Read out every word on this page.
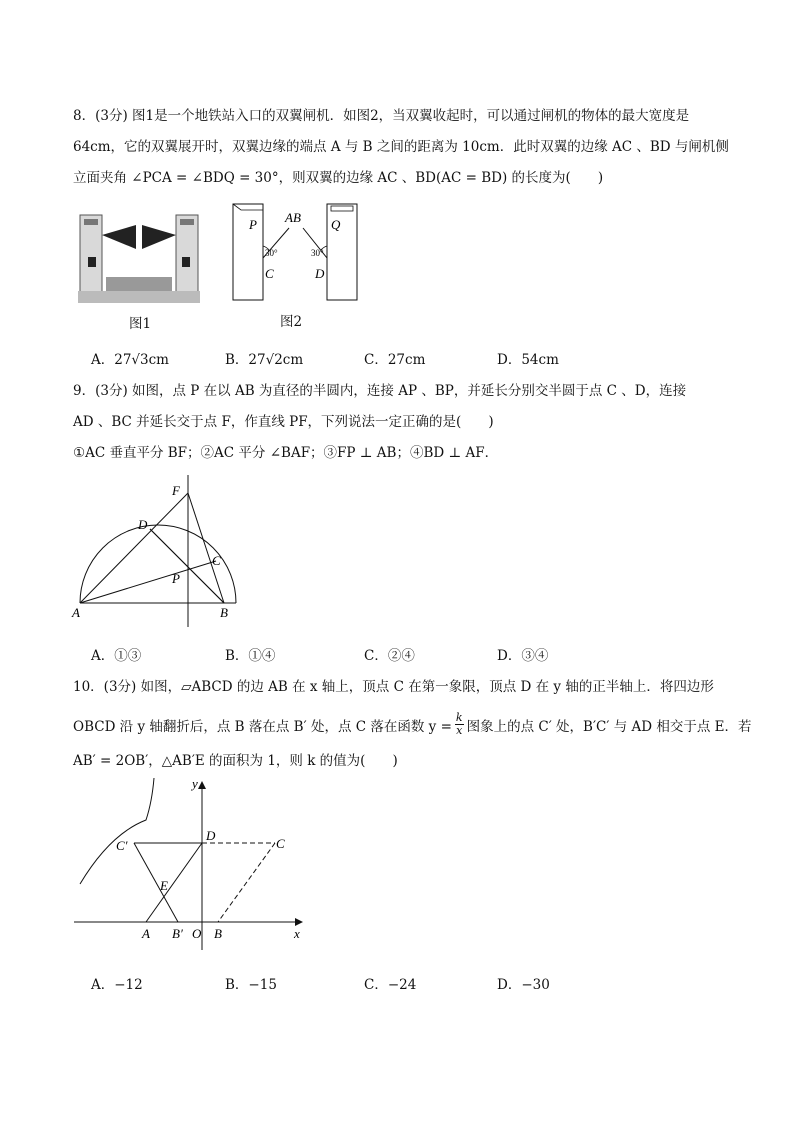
8．(3分) 图1是一个地铁站入口的双翼闸机．如图2，当双翼收起时，可以通过闸机的物体的最大宽度是
64cm，它的双翼展开时，双翼边缘的端点 A 与 B 之间的距离为 10cm．此时双翼的边缘 AC 、BD 与闸机侧
立面夹角 ∠PCA = ∠BDQ = 30°，则双翼的边缘 AC 、BD(AC = BD) 的长度为(　　)
图1
P	Q
AB
C	D
30°	30°
图2
A．27√3cm	B．27√2cm	C．27cm	D．54cm
9．(3分) 如图，点 P 在以 AB 为直径的半圆内，连接 AP 、BP，并延长分别交半圆于点 C 、D，连接
AD 、BC 并延长交于点 F，作直线 PF，下列说法一定正确的是(　　)
①AC 垂直平分 BF；②AC 平分 ∠BAF；③FP ⊥ AB；④BD ⊥ AF．
F
D
C
P
A	B
A．①③	B．①④	C．②④	D．③④
10．(3分) 如图，▱ABCD 的边 AB 在 x 轴上，顶点 C 在第一象限，顶点 D 在 y 轴的正半轴上．将四边形
OBCD 沿 y 轴翻折后，点 B 落在点 B′ 处，点 C 落在函数 $y = \frac{k}{x}$ 图象上的点 C′ 处，B′C′ 与 AD 相交于点 E．若
AB′ = 2OB′，△AB′E 的面积为 1，则 k 的值为(　　)
y
x
C′
D
C
E
A B′ O B
A．−12	B．−15	C．−24	D．−30
